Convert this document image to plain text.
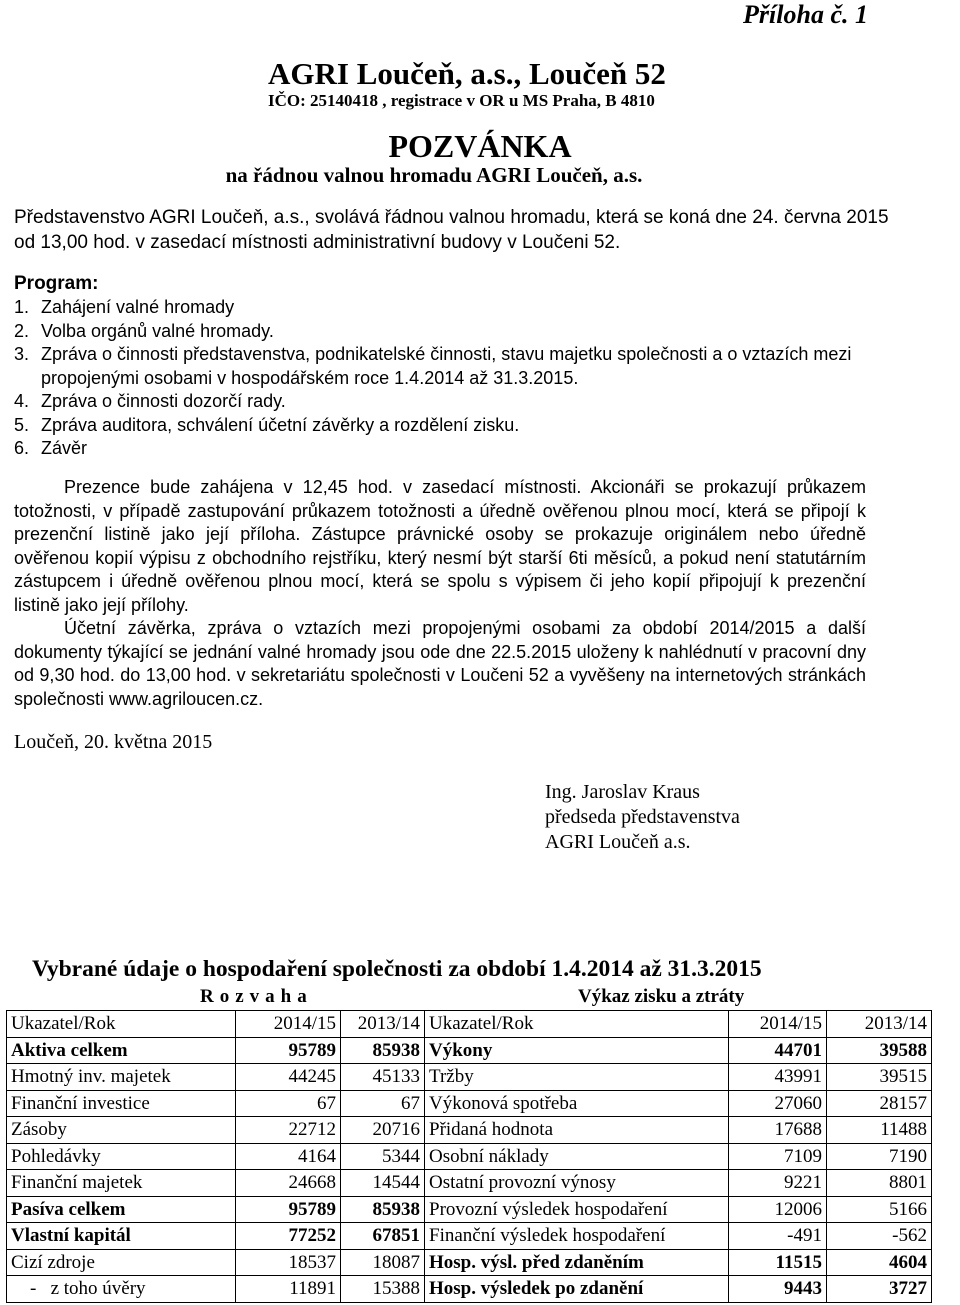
Příloha č. 1
AGRI Loučeň, a.s., Loučeň 52
IČO: 25140418 , registrace v OR u MS Praha, B 4810
POZVÁNKA
na řádnou valnou hromadu AGRI Loučeň, a.s.
Představenstvo AGRI Loučeň, a.s., svolává řádnou valnou hromadu, která se koná dne 24. června 2015 od 13,00 hod. v zasedací místnosti administrativní budovy v Loučeni 52.
Program:
1. Zahájení valné hromady
2. Volba orgánů valné hromady.
3. Zpráva o činnosti představenstva, podnikatelské činnosti, stavu majetku společnosti a o vztazích mezi propojenými osobami v hospodářském roce 1.4.2014 až 31.3.2015.
4. Zpráva o činnosti dozorčí rady.
5. Zpráva auditora, schválení účetní závěrky a rozdělení zisku.
6. Závěr

Prezence bude zahájena v 12,45 hod. v zasedací místnosti. Akcionáři se prokazují průkazem totožnosti, v případě zastupování průkazem totožnosti a úředně ověřenou plnou mocí, která se připojí k prezenční listině jako její příloha. Zástupce právnické osoby se prokazuje originálem nebo úředně ověřenou kopií výpisu z obchodního rejstříku, který nesmí být starší 6ti měsíců, a pokud není statutárním zástupcem i úředně ověřenou plnou mocí, která se spolu s výpisem či jeho kopií připojují k prezenční listině jako její přílohy.

Účetní závěrka, zpráva o vztazích mezi propojenými osobami za období 2014/2015 a další dokumenty týkající se jednání valné hromady jsou ode dne 22.5.2015 uloženy k nahlédnutí v pracovní dny od 9,30 hod. do 13,00 hod. v sekretariátu společnosti v Loučeni 52 a vyvěšeny na internetových stránkách společnosti www.agriloucen.cz.

Loučeň, 20. května 2015
Ing. Jaroslav Kraus
předseda představenstva
AGRI Loučeň a.s.
Vybrané údaje o hospodaření společnosti za období 1.4.2014 až 31.3.2015
Rozvaha	Výkaz zisku a ztráty
Ukazatel/Rok	2014/15	2013/14	Ukazatel/Rok	2014/15	2013/14
Aktiva celkem	95789	85938	Výkony	44701	39588
Hmotný inv. majetek	44245	45133	Tržby	43991	39515
Finanční investice	67	67	Výkonová spotřeba	27060	28157
Zásoby	22712	20716	Přidaná hodnota	17688	11488
Pohledávky	4164	5344	Osobní náklady	7109	7190
Finanční majetek	24668	14544	Ostatní provozní výnosy	9221	8801
Pasíva celkem	95789	85938	Provozní výsledek hospodaření	12006	5166
Vlastní kapitál	77252	67851	Finanční výsledek hospodaření	-491	-562
Cizí zdroje	18537	18087	Hosp. výsl. před zdaněním	11515	4604
-   z toho úvěry	11891	15388	Hosp. výsledek po zdanění	9443	3727
